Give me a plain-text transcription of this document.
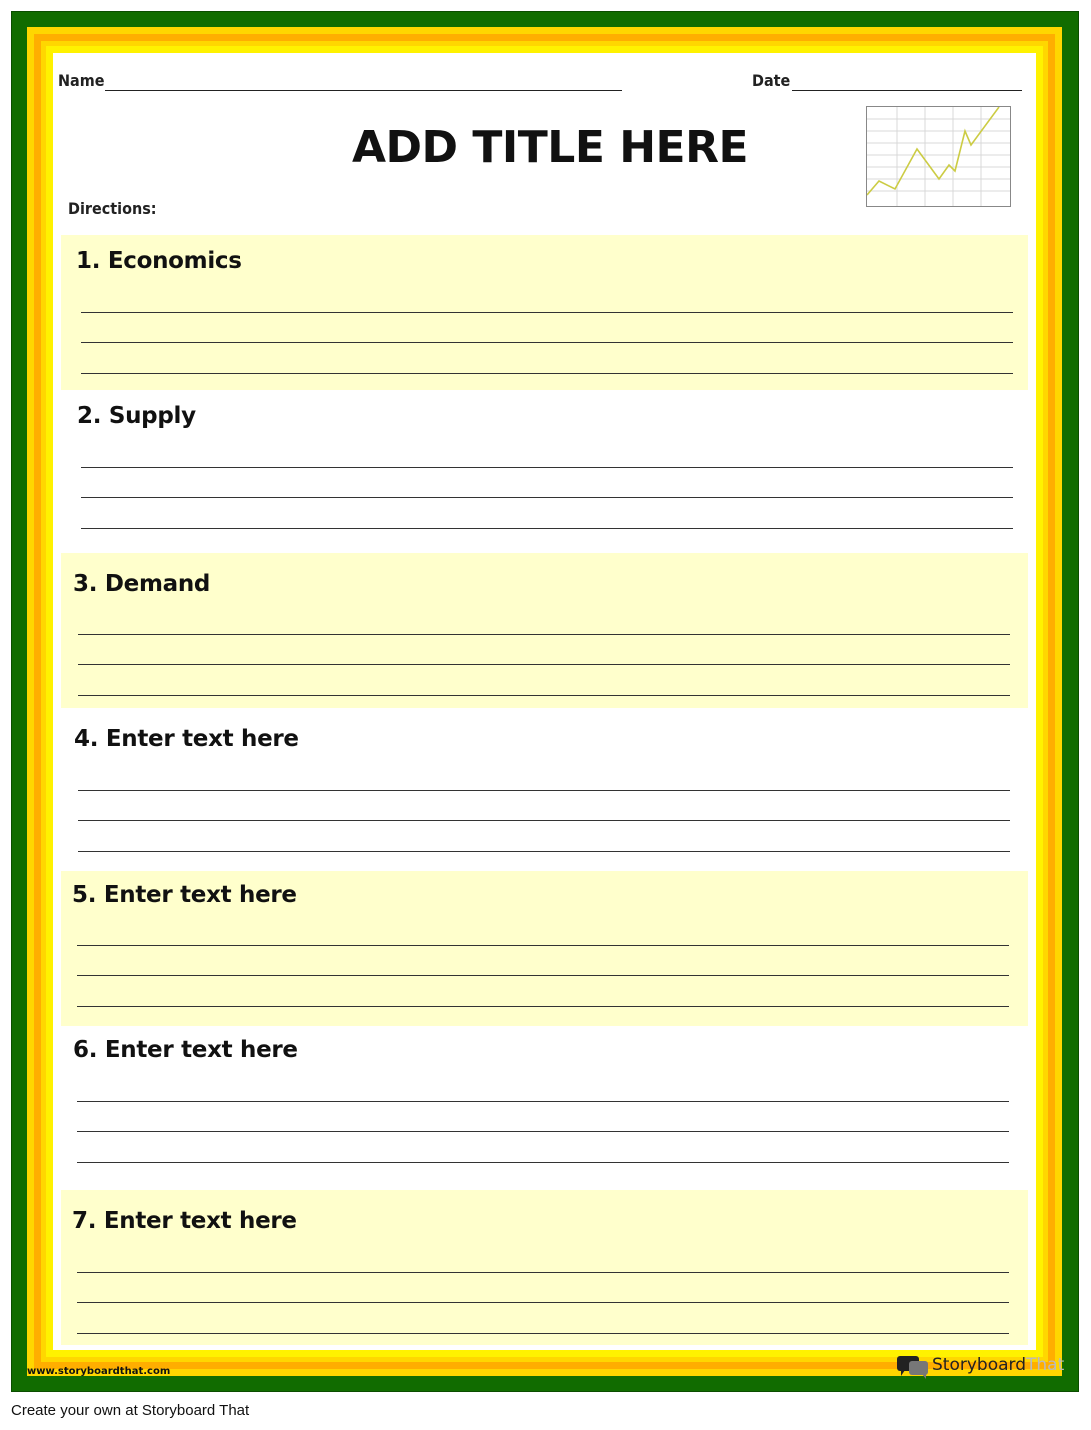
Name	Date
ADD TITLE HERE
Directions:
1. Economics
2. Supply
3. Demand
4. Enter text here
5. Enter text here
6. Enter text here
7. Enter text here
www.storyboardthat.com	StoryboardThat
Create your own at Storyboard That
